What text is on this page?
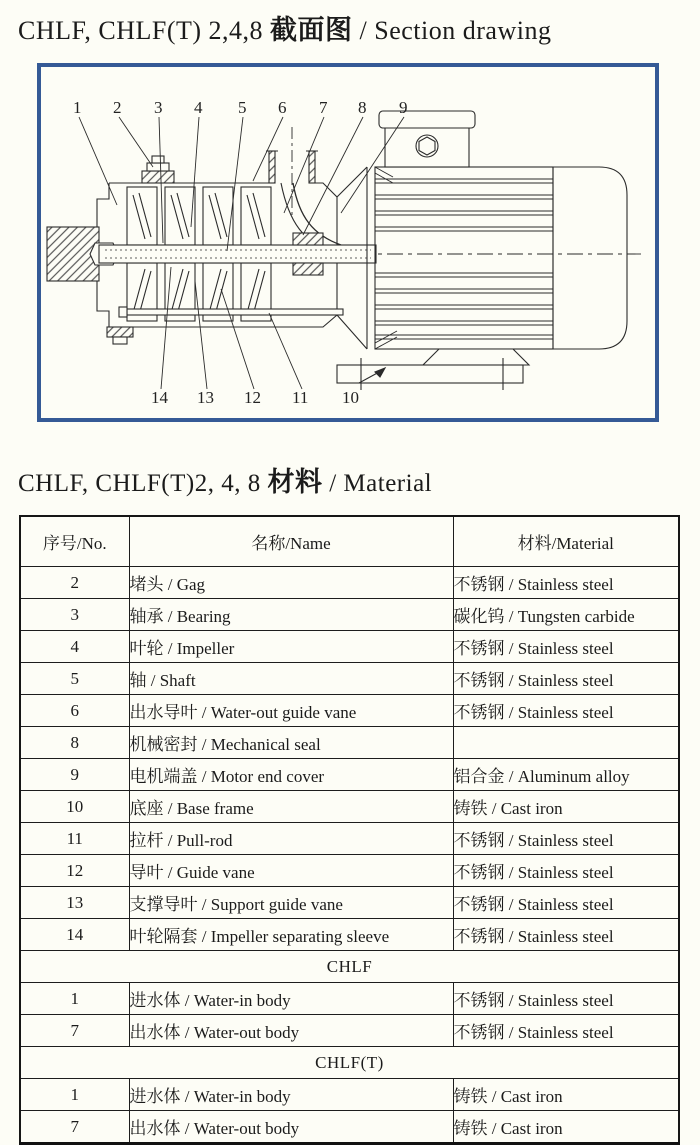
CHLF, CHLF(T) 2,4,8 截面图 / Section drawing
1 2 3 4 5 6 7 8 9
14 13 12 11 10
CHLF, CHLF(T)2, 4, 8 材料 / Material
序号/No.	名称/Name	材料/Material
2	堵头 / Gag	不锈钢 / Stainless steel
3	轴承 / Bearing	碳化钨 / Tungsten carbide
4	叶轮 / Impeller	不锈钢 / Stainless steel
5	轴 / Shaft	不锈钢 / Stainless steel
6	出水导叶 / Water-out guide vane	不锈钢 / Stainless steel
8	机械密封 / Mechanical seal	
9	电机端盖 / Motor end cover	铝合金 / Aluminum alloy
10	底座 / Base frame	铸铁 / Cast iron
11	拉杆 / Pull-rod	不锈钢 / Stainless steel
12	导叶 / Guide vane	不锈钢 / Stainless steel
13	支撑导叶 / Support guide vane	不锈钢 / Stainless steel
14	叶轮隔套 / Impeller separating sleeve	不锈钢 / Stainless steel
CHLF		
1	进水体 / Water-in body	不锈钢 / Stainless steel
7	出水体 / Water-out body	不锈钢 / Stainless steel
CHLF(T)		
1	进水体 / Water-in body	铸铁 / Cast iron
7	出水体 / Water-out body	铸铁 / Cast iron
